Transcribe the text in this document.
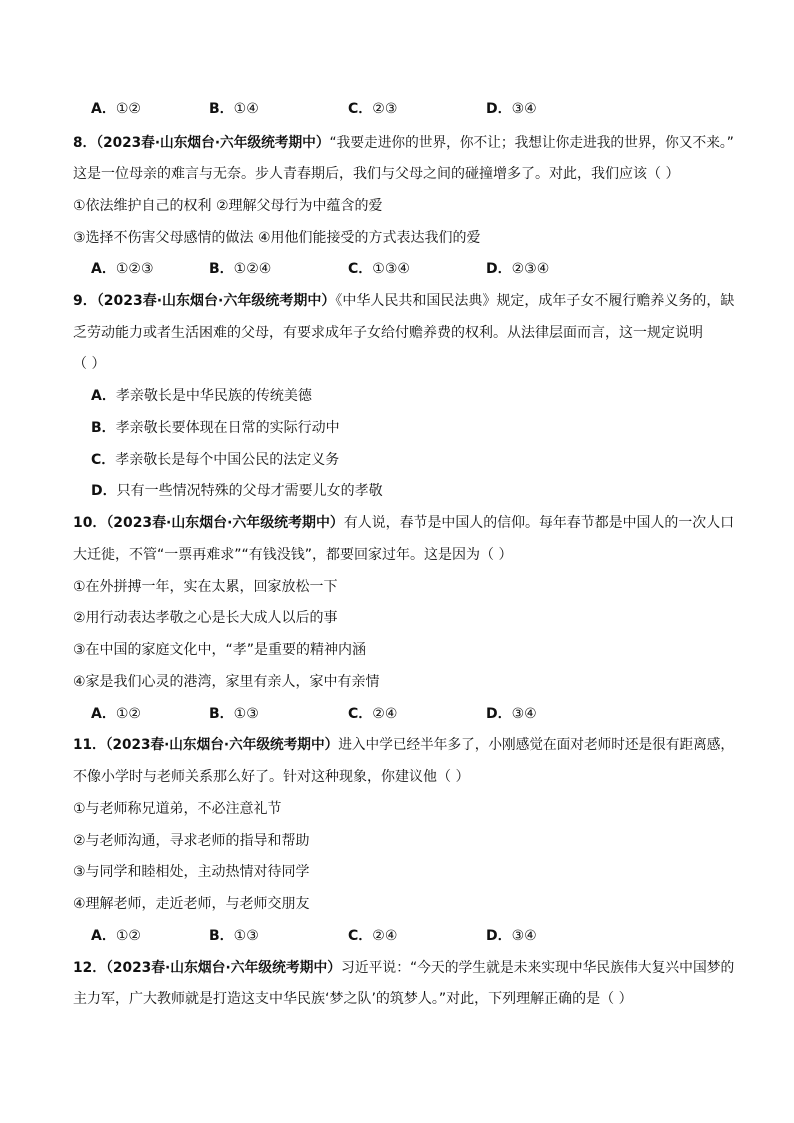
A．①②	B．①④	C．②③	D．③④
8．（2023春·山东烟台·六年级统考期中）“我要走进你的世界，你不让；我想让你走进我的世界，你又不来。”
这是一位母亲的难言与无奈。步人青春期后，我们与父母之间的碰撞增多了。对此，我们应该（ ）
①依法维护自己的权利 ②理解父母行为中蕴含的爱
③选择不伤害父母感情的做法 ④用他们能接受的方式表达我们的爱
A．①②③	B．①②④	C．①③④	D．②③④
9．（2023春·山东烟台·六年级统考期中）《中华人民共和国民法典》规定，成年子女不履行赡养义务的，缺
乏劳动能力或者生活困难的父母，有要求成年子女给付赡养费的权利。从法律层面而言，这一规定说明
（ ）
A．孝亲敬长是中华民族的传统美德
B．孝亲敬长要体现在日常的实际行动中
C．孝亲敬长是每个中国公民的法定义务
D．只有一些情况特殊的父母才需要儿女的孝敬
10．（2023春·山东烟台·六年级统考期中）有人说，春节是中国人的信仰。每年春节都是中国人的一次人口
大迁徙，不管“一票再难求”“有钱没钱”，都要回家过年。这是因为（ ）
①在外拼搏一年，实在太累，回家放松一下
②用行动表达孝敬之心是长大成人以后的事
③在中国的家庭文化中，“孝”是重要的精神内涵
④家是我们心灵的港湾，家里有亲人，家中有亲情
A．①②	B．①③	C．②④	D．③④
11．（2023春·山东烟台·六年级统考期中）进入中学已经半年多了，小刚感觉在面对老师时还是很有距离感，
不像小学时与老师关系那么好了。针对这种现象，你建议他（ ）
①与老师称兄道弟，不必注意礼节
②与老师沟通，寻求老师的指导和帮助
③与同学和睦相处，主动热情对待同学
④理解老师，走近老师，与老师交朋友
A．①②	B．①③	C．②④	D．③④
12．（2023春·山东烟台·六年级统考期中）习近平说：“今天的学生就是未来实现中华民族伟大复兴中国梦的
主力军，广大教师就是打造这支中华民族‘梦之队’的筑梦人。”对此，下列理解正确的是（ ）
